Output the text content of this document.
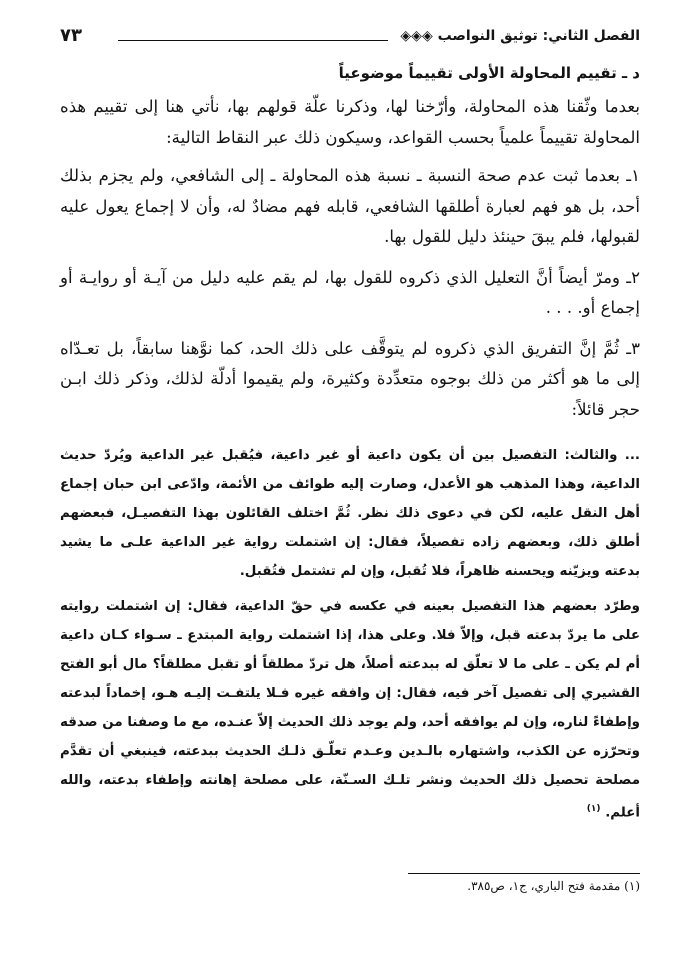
الفصل الثاني: توثيق النواصب ◈◈◈
٧٣
د ـ تقييم المحاولة الأولى تقييماً موضوعياً

بعدما وثّقنا هذه المحاولة، وأرّخنا لها، وذكرنا علّة قولهم بها، نأتي هنا إلى تقييم هذه المحاولة تقييماً علمياً بحسب القواعد، وسيكون ذلك عبر النقاط التالية:

١ـ بعدما ثبت عدم صحة النسبة ـ نسبة هذه المحاولة ـ إلى الشافعي، ولم يجزم بذلك أحد، بل هو فهم لعبارة أطلقها الشافعي، قابله فهم مضادٌ له، وأن لا إجماع يعول عليه لقبولها، فلم يبقَ حينئذ دليل للقول بها.

٢ـ ومرّ أيضاً أنَّ التعليل الذي ذكروه للقول بها، لم يقم عليه دليل من آيـة أو روايـة أو إجماع أو. . . .

٣ـ ثُمَّ إنَّ التفريق الذي ذكروه لم يتوقَّف على ذلك الحد، كما نوَّهنا سابقاً، بل تعـدّاه إلى ما هو أكثر من ذلك بوجوه متعدِّدة وكثيرة، ولم يقيموا أدلّة لذلك، وذكر ذلك ابـن حجر قائلاً:

... والثالث: التفصيل بين أن يكون داعية أو غير داعية، فيُقبل غير الداعية ويُردّ حديث الداعية، وهذا المذهب هو الأعدل، وصارت إليه طوائف من الأئمة، وادّعى ابن حبان إجماع أهل النقل عليه، لكن في دعوى ذلك نظر. ثُمَّ اختلف القائلون بهذا التفصيـل، فبعضهم أطلق ذلك، وبعضهم زاده تفصيلاً، فقال: إن اشتملت رواية غير الداعية علـى ما يشيد بدعته ويزيّنه ويحسنه ظاهراً، فلا تُقبل، وإن لم تشتمل فتُقبل.

وطرّد بعضهم هذا التفصيل بعينه في عكسه في حقّ الداعية، فقال: إن اشتملت روايته على ما يردّ بدعته قبل، وإلاّ فلا. وعلى هذا، إذا اشتملت رواية المبتدع ـ سـواء كـان داعية أم لم يكن ـ على ما لا تعلّق له ببدعته أصلاً، هل تردّ مطلقاً أو تقبل مطلقاً؟ مال أبو الفتح القشيري إلى تفصيل آخر فيه، فقال: إن وافقه غيره فـلا يلتفـت إليـه هـو، إخماداً لبدعته وإطفاءً لناره، وإن لم يوافقه أحد، ولم يوجد ذلك الحديث إلاّ عنـده، مع ما وصفنا من صدقه وتحرّزه عن الكذب، واشتهاره بالـدين وعـدم تعلّـق ذلـك الحديث ببدعته، فينبغي أن تقدَّم مصلحة تحصيل ذلك الحديث ونشر تلـك السـنّة، على مصلحة إهانته وإطفاء بدعته، والله أعلم. $^{(١)}$

(١) مقدمة فتح الباري، ج١، ص٣٨٥.
